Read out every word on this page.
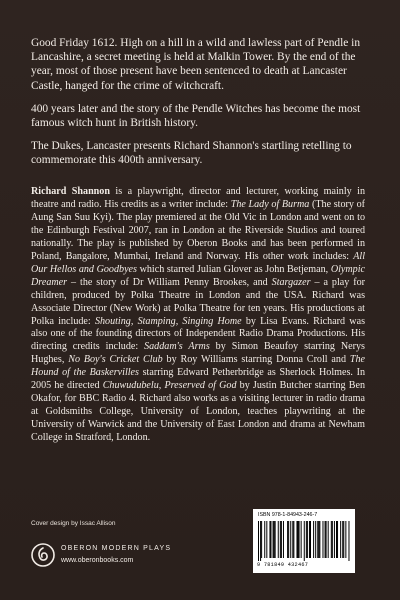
Good Friday 1612. High on a hill in a wild and lawless part of Pendle in Lancashire, a secret meeting is held at Malkin Tower. By the end of the year, most of those present have been sentenced to death at Lancaster Castle, hanged for the crime of witchcraft.

400 years later and the story of the Pendle Witches has become the most famous witch hunt in British history.

The Dukes, Lancaster presents Richard Shannon's startling retelling to commemorate this 400th anniversary.

Richard Shannon is a playwright, director and lecturer, working mainly in theatre and radio. His credits as a writer include: The Lady of Burma (The story of Aung San Suu Kyi). The play premiered at the Old Vic in London and went on to the Edinburgh Festival 2007, ran in London at the Riverside Studios and toured nationally. The play is published by Oberon Books and has been performed in Poland, Bangalore, Mumbai, Ireland and Norway. His other work includes: All Our Hellos and Goodbyes which starred Julian Glover as John Betjeman, Olympic Dreamer – the story of Dr William Penny Brookes, and Stargazer – a play for children, produced by Polka Theatre in London and the USA. Richard was Associate Director (New Work) at Polka Theatre for ten years. His productions at Polka include: Shouting, Stamping, Singing Home by Lisa Evans. Richard was also one of the founding directors of Independent Radio Drama Productions. His directing credits include: Saddam's Arms by Simon Beaufoy starring Nerys Hughes, No Boy's Cricket Club by Roy Williams starring Donna Croll and The Hound of the Baskervilles starring Edward Petherbridge as Sherlock Holmes. In 2005 he directed Chuwudubelu, Preserved of God by Justin Butcher starring Ben Okafor, for BBC Radio 4. Richard also works as a visiting lecturer in radio drama at Goldsmiths College, University of London, teaches playwriting at the University of Warwick and the University of East London and drama at Newham College in Stratford, London.
Cover design by Issac Allison
OBERON MODERN PLAYS
www.oberonbooks.com
ISBN 978-1-84943-246-7
9 781849 432467
